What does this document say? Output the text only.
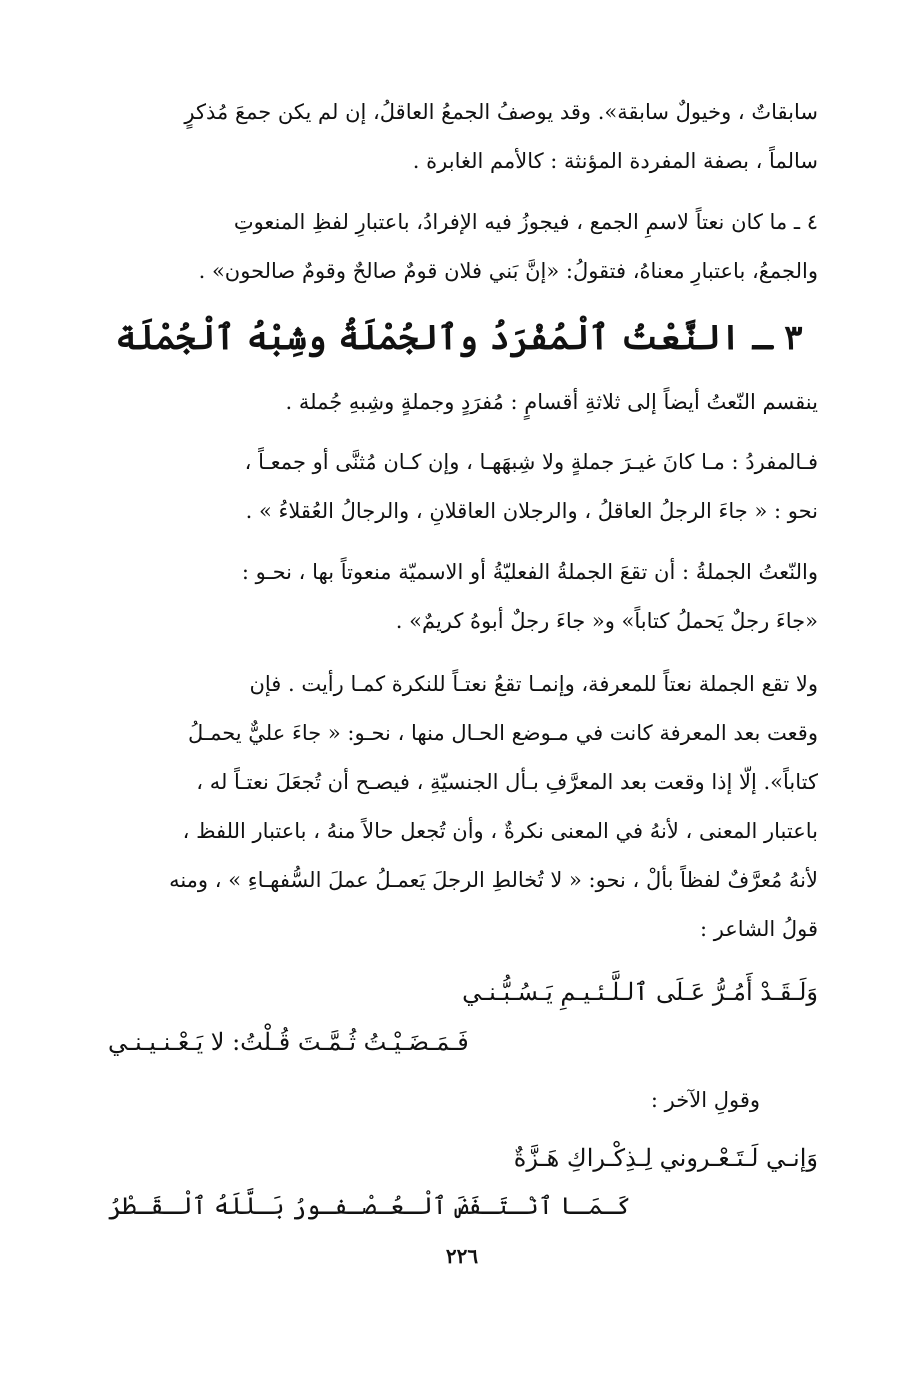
سابقاتٌ ، وخيولٌ سابقة». وقد يوصفُ الجمعُ العاقلُ، إن لم يكن جمعَ مُذكرٍ
سالماً ، بصفة المفردة المؤنثة : كالأمم الغابرة .
٤ ـ ما كان نعتاً لاسمِ الجمع ، فيجوزُ فيه الإفرادُ، باعتبارِ لفظِ المنعوتِ
والجمعُ، باعتبارِ معناهُ، فتقولُ: «إنَّ بَني فلان قومٌ صالحٌ وقومٌ صالحون» .
٣ ـ النَّعْتُ ٱلْمُفْرَدُ وٱلجُمْلَةُ وشِبْهُ ٱلْجُمْلَة
ينقسم النّعتُ أيضاً إلى ثلاثةِ أقسامٍ : مُفرَدٍ وجملةٍ وشِبهِ جُملة .
فـالمفردُ : مـا كانَ غيـرَ جملةٍ ولا شِبهَهـا ، وإن كـان مُثنَّى أو جمعـاً ،
نحو : « جاءَ الرجلُ العاقلُ ، والرجلان العاقلانِ ، والرجالُ العُقلاءُ » .
والنّعتُ الجملةُ : أن تقعَ الجملةُ الفعليّةُ أو الاسميّة منعوتاً بها ، نحـو :
«جاءَ رجلٌ يَحملُ كتاباً» و« جاءَ رجلٌ أبوهُ كريمٌ» .
ولا تقع الجملة نعتاً للمعرفة، وإنمـا تقعُ نعتـاً للنكرة كمـا رأيت . فإن
وقعت بعد المعرفة كانت في مـوضع الحـال منها ، نحـو: « جاءَ عليٌّ يحمـلُ
كتاباً». إلّا إذا وقعت بعد المعرَّفِ بـأل الجنسيّةِ ، فيصـح أن تُجعَلَ نعتـاً له ،
باعتبار المعنى ، لأنهُ في المعنى نكرةٌ ، وأن تُجعل حالاً منهُ ، باعتبار اللفظ ،
لأنهُ مُعرَّفٌ لفظاً بألْ ، نحو: « لا تُخالطِ الرجلَ يَعمـلُ عملَ السُّفهـاءِ » ، ومنه
قولُ الشاعر :
وَلَـقَـدْ أَمُـرُّ عَـلَى ٱلـلَّـئـيـمِ يَـسُـبُّـنـي
فَـمَـضَـيْـتُ ثُـمَّـتَ قُـلْتُ: لا يَـعْـنـيـنـي
وقولِ الآخر :
وَإنـي لَـتَـعْـروني لِـذِكْـراكِ هَـزَّةٌ
كَـمَـا ٱنْـتَـفَضَ ٱلْـعُـصْـفـورُ بَـلَّلَهُ ٱلْـقَـطْرُ
٢٢٦
